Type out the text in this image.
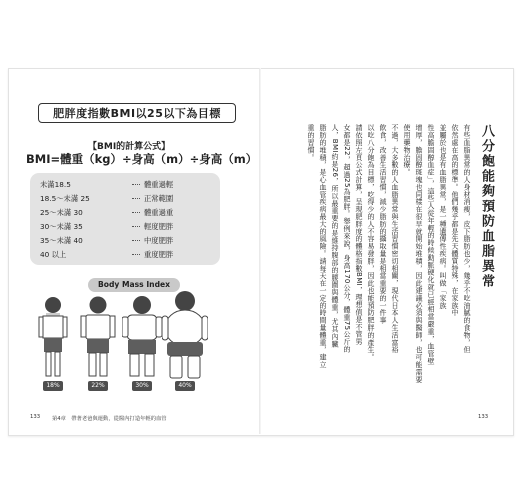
肥胖度指數BMI以25以下為目標
【BMI的計算公式】
BMI=體重（kg）÷身高（m）÷身高（m）
未滿18.5	體重過輕
18.5～未滿 25	正常範圍
25～未滿 30	體重過重
30～未滿 35	輕度肥胖
35～未滿 40	中度肥胖
40 以上	重度肥胖
Body Mass Index
18%	22%	30%	40%
133 第4章　帶著老爸與運動，從醫內打造年輕的血管
八分飽能夠預防血脂異常
有些血脂異常的人身材消瘦，皮下脂肪也少，幾乎不吃油膩的食物，但
依然處在高的標準。他們幾乎都是先天體質特殊，在家族中
並屬於也是有血脂異常，是一種遺傳性疾病。叫做「家族
性高膽固醇血症」，這些人從年輕的時候動脈硬化就已經相當嚴重，血管壁
增厚，膽固醇斑塊也同樣在很早就開始堆積，因此建議必須與醫師，也可能需要
使用藥物治療。
不過，大多數的人血脂異常與生活習慣密切相關，現代日本人生活富裕
飲食，改善生活習慣，減少脂肪的攝取量是相當重要的一件事
以吃八分飽為目標，吃得少的人不容易發胖，因此也能預防肥胖的產生。
請依照左頁公式計算，呈現肥胖度的體格指數BMI，理想值是不管男
女都是22，超過25為肥胖。舉例來說，身高170公分，體重75公斤的
人，BMI約是26，所以最重要的是維持腹部的腰圍與體重，尤其內臟
脂肪的堆積，是心血管疾病最大的風險。請每天在一定的時間量體重，建立
重的習慣。
133
